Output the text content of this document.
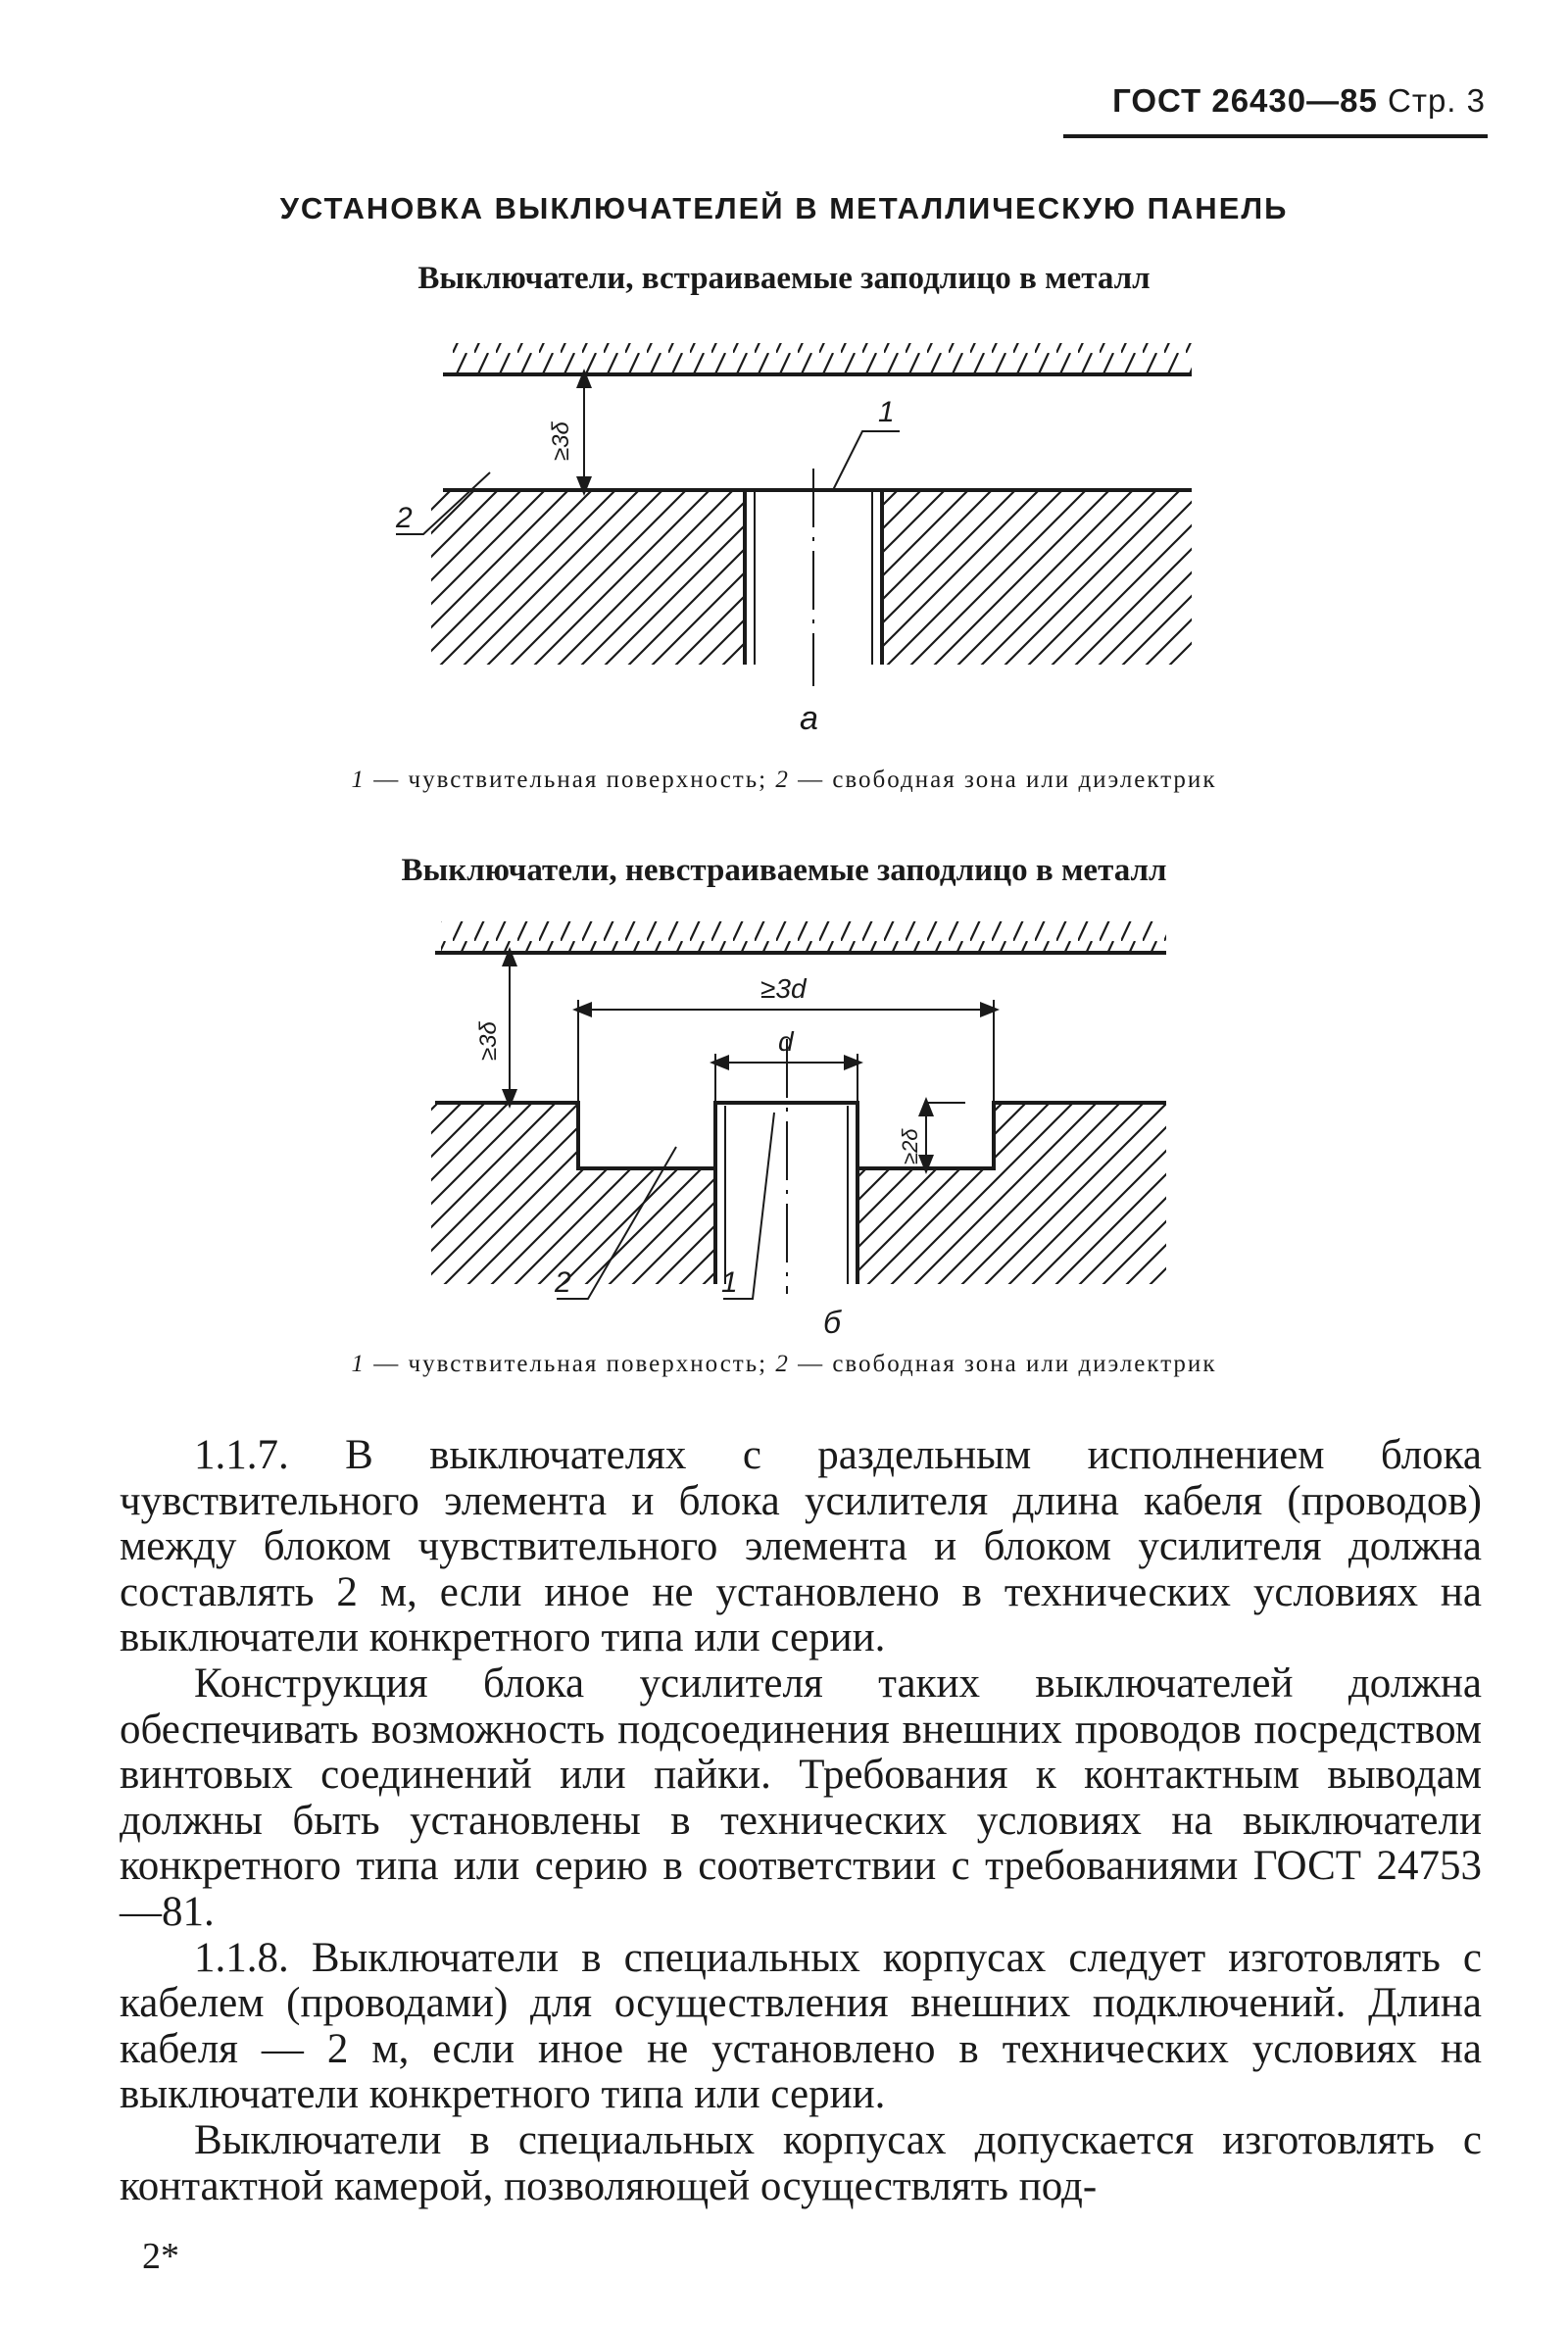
ГОСТ 26430—85 Стр. 3
УСТАНОВКА ВЫКЛЮЧАТЕЛЕЙ В МЕТАЛЛИЧЕСКУЮ ПАНЕЛЬ
Выключатели, встраиваемые заподлицо в металл
≥3δ
1
2
a
1 — чувствительная поверхность; 2 — свободная зона или диэлектрик
Выключатели, невстраиваемые заподлицо в металл
≥3δ
≥3d
d
≥2δ
1
2
б
1 — чувствительная поверхность; 2 — свободная зона или диэлектрик

1.1.7. В выключателях с раздельным исполнением блока чувствительного элемента и блока усилителя длина кабеля (проводов) между блоком чувствительного элемента и блоком усилителя должна составлять 2 м, если иное не установлено в технических условиях на выключатели конкретного типа или серии.

Конструкция блока усилителя таких выключателей должна обеспечивать возможность подсоединения внешних проводов посредством винтовых соединений или пайки. Требования к контактным выводам должны быть установлены в технических условиях на выключатели конкретного типа или серию в соответствии с требованиями ГОСТ 24753—81.

1.1.8. Выключатели в специальных корпусах следует изготовлять с кабелем (проводами) для осуществления внешних подключений. Длина кабеля — 2 м, если иное не установлено в технических условиях на выключатели конкретного типа или серии.

Выключатели в специальных корпусах допускается изготовлять с контактной камерой, позволяющей осуществлять под-

2*
